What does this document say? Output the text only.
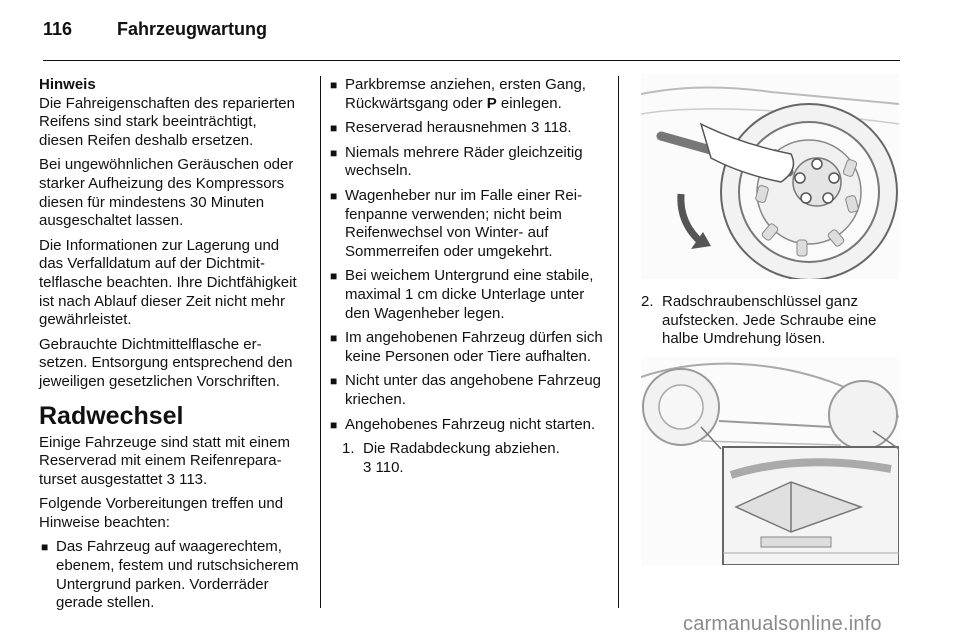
116 Fahrzeugwartung
Hinweis

Die Fahreigenschaften des reparierten Reifens sind stark beeinträchtigt, diesen Reifen deshalb ersetzen.

Bei ungewöhnlichen Geräuschen oder starker Aufheizung des Kompressors diesen für mindestens 30 Minuten ausgeschaltet lassen.

Die Informationen zur Lagerung und das Verfalldatum auf der Dichtmittelflasche beachten. Ihre Dichtfähigkeit ist nach Ablauf dieser Zeit nicht mehr gewährleistet.

Gebrauchte Dichtmittelflasche ersetzen. Entsorgung entsprechend den jeweiligen gesetzlichen Vorschriften.

Radwechsel

Einige Fahrzeuge sind statt mit einem Reserverad mit einem Reifenreparaturset ausgestattet 3 113.

Folgende Vorbereitungen treffen und Hinweise beachten:

■ Das Fahrzeug auf waagerechtem, ebenem, festem und rutschsicherem Untergrund parken. Vorderräder gerade stellen.
■ Parkbremse anziehen, ersten Gang, Rückwärtsgang oder P einlegen.
■ Reserverad herausnehmen 3 118.
■ Niemals mehrere Räder gleichzeitig wechseln.
■ Wagenheber nur im Falle einer Reifenpanne verwenden; nicht beim Reifenwechsel von Winter- auf Sommerreifen oder umgekehrt.
■ Bei weichem Untergrund eine stabile, maximal 1 cm dicke Unterlage unter den Wagenheber legen.
■ Im angehobenen Fahrzeug dürfen sich keine Personen oder Tiere aufhalten.
■ Nicht unter das angehobene Fahrzeug kriechen.
■ Angehobenes Fahrzeug nicht starten.
1. Die Radabdeckung abziehen.
3 110.
2. Radschraubenschlüssel ganz aufstecken. Jede Schraube eine halbe Umdrehung lösen.
carmanualsonline.info
